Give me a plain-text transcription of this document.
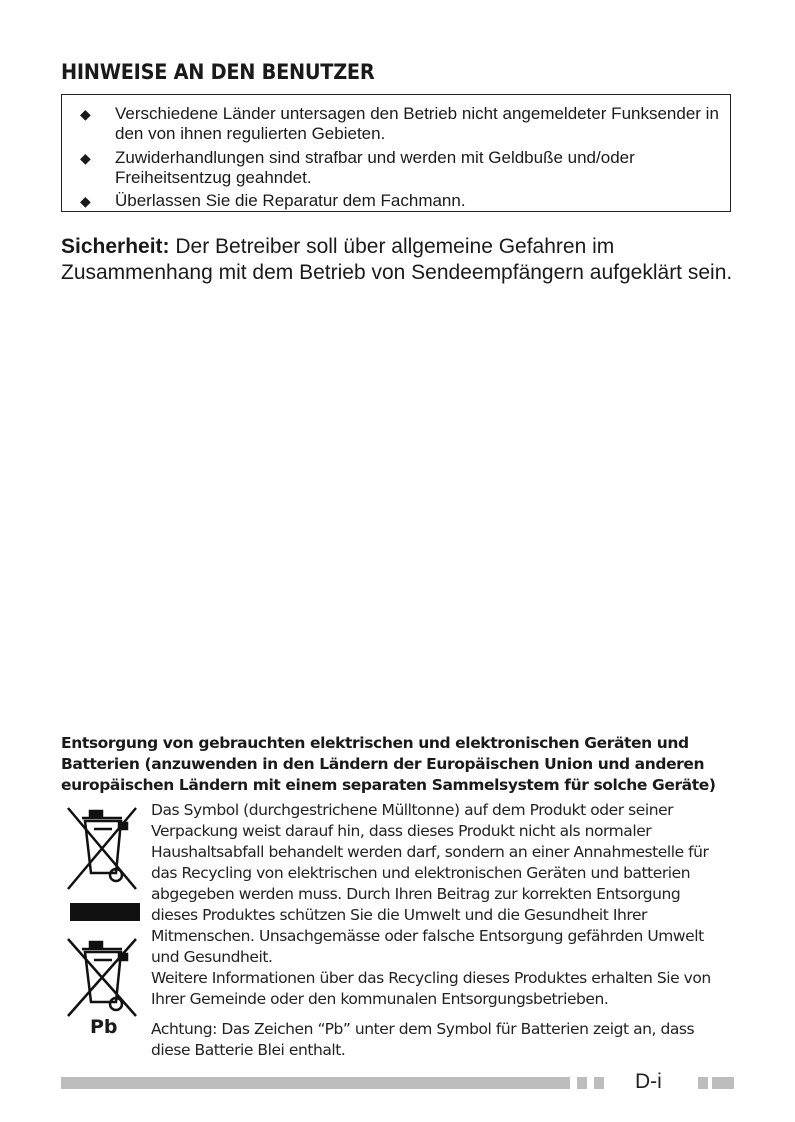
HINWEISE AN DEN BENUTZER
◆ Verschiedene Länder untersagen den Betrieb nicht angemeldeter Funksender in den von ihnen regulierten Gebieten.
◆ Zuwiderhandlungen sind strafbar und werden mit Geldbuße und/oder Freiheitsentzug geahndet.
◆ Überlassen Sie die Reparatur dem Fachmann.
Sicherheit: Der Betreiber soll über allgemeine Gefahren im Zusammenhang mit dem Betrieb von Sendeempfängern aufgeklärt sein.
Entsorgung von gebrauchten elektrischen und elektronischen Geräten und Batterien (anzuwenden in den Ländern der Europäischen Union und anderen europäischen Ländern mit einem separaten Sammelsystem für solche Geräte)
Pb

Das Symbol (durchgestrichene Mülltonne) auf dem Produkt oder seiner Verpackung weist darauf hin, dass dieses Produkt nicht als normaler Haushaltsabfall behandelt werden darf, sondern an einer Annahmestelle für das Recycling von elektrischen und elektronischen Geräten und batterien abgegeben werden muss. Durch Ihren Beitrag zur korrekten Entsorgung dieses Produktes schützen Sie die Umwelt und die Gesundheit Ihrer Mitmenschen. Unsachgemässe oder falsche Entsorgung gefährden Umwelt und Gesundheit.

Weitere Informationen über das Recycling dieses Produktes erhalten Sie von Ihrer Gemeinde oder den kommunalen Entsorgungsbetrieben.

Achtung: Das Zeichen “Pb” unter dem Symbol für Batterien zeigt an, dass diese Batterie Blei enthalt.

D-i
